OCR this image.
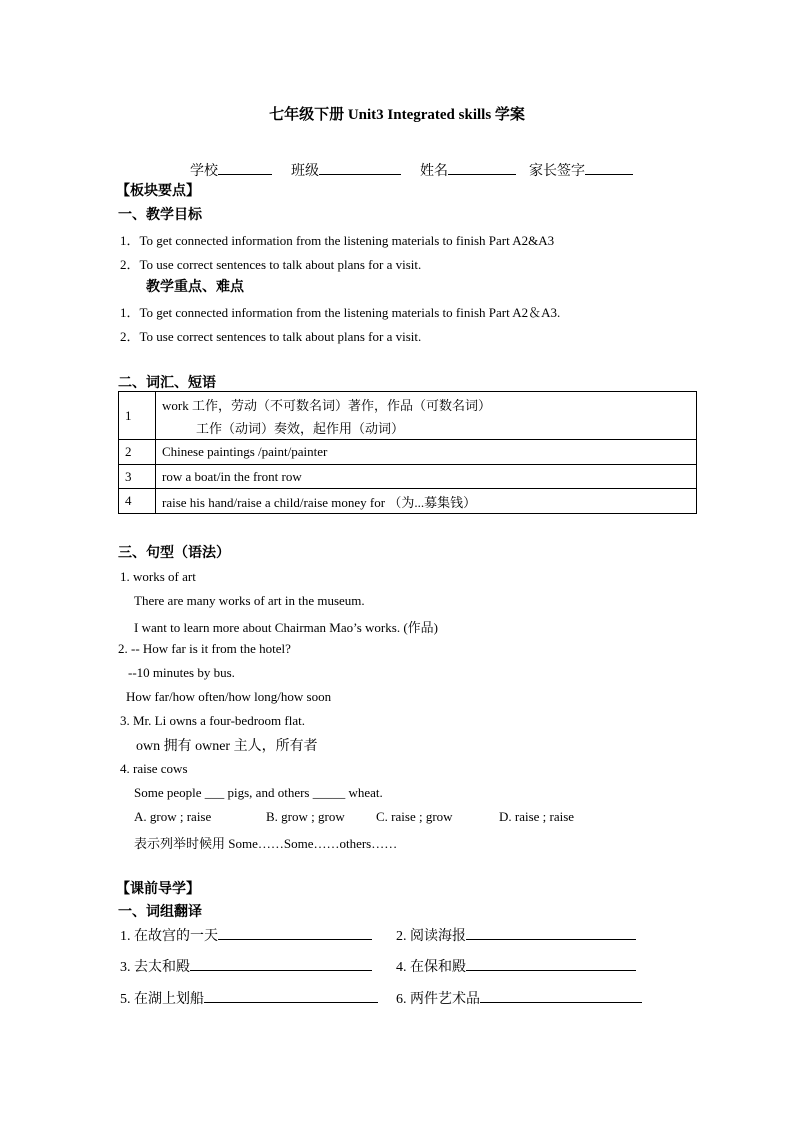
七年级下册 Unit3 Integrated skills 学案
学校	班级	姓名	家长签字
【板块要点】
一、教学目标
1．To get connected information from the listening materials to finish Part A2&A3
2．To use correct sentences to talk about plans for a visit.
教学重点、难点
1．To get connected information from the listening materials to finish Part A2＆A3.
2．To use correct sentences to talk about plans for a visit.
二、词汇、短语
1	work 工作，劳动（不可数名词）著作，作品（可数名词）
工作（动词）奏效，起作用（动词）

2	Chinese paintings /paint/painter
3	row a boat/in the front row
4	raise his hand/raise a child/raise money for （为...募集钱）
三、句型（语法）
1. works of art
There are many works of art in the museum.
I want to learn more about Chairman Mao’s works. (作品)
2. -- How far is it from the hotel?
--10 minutes by bus.
How far/how often/how long/how soon
3. Mr. Li owns a four-bedroom flat.
own 拥有 owner 主人，所有者
4. raise cows
Some people ___ pigs, and others _____ wheat.
A. grow ; raise	B. grow ; grow C. raise ; grow	D. raise ; raise
表示列举时候用 Some……Some……others……
【课前导学】
一、词组翻译
1. 在故宫的一天	2. 阅读海报
3. 去太和殿	4. 在保和殿
5. 在湖上划船	6. 两件艺术品
